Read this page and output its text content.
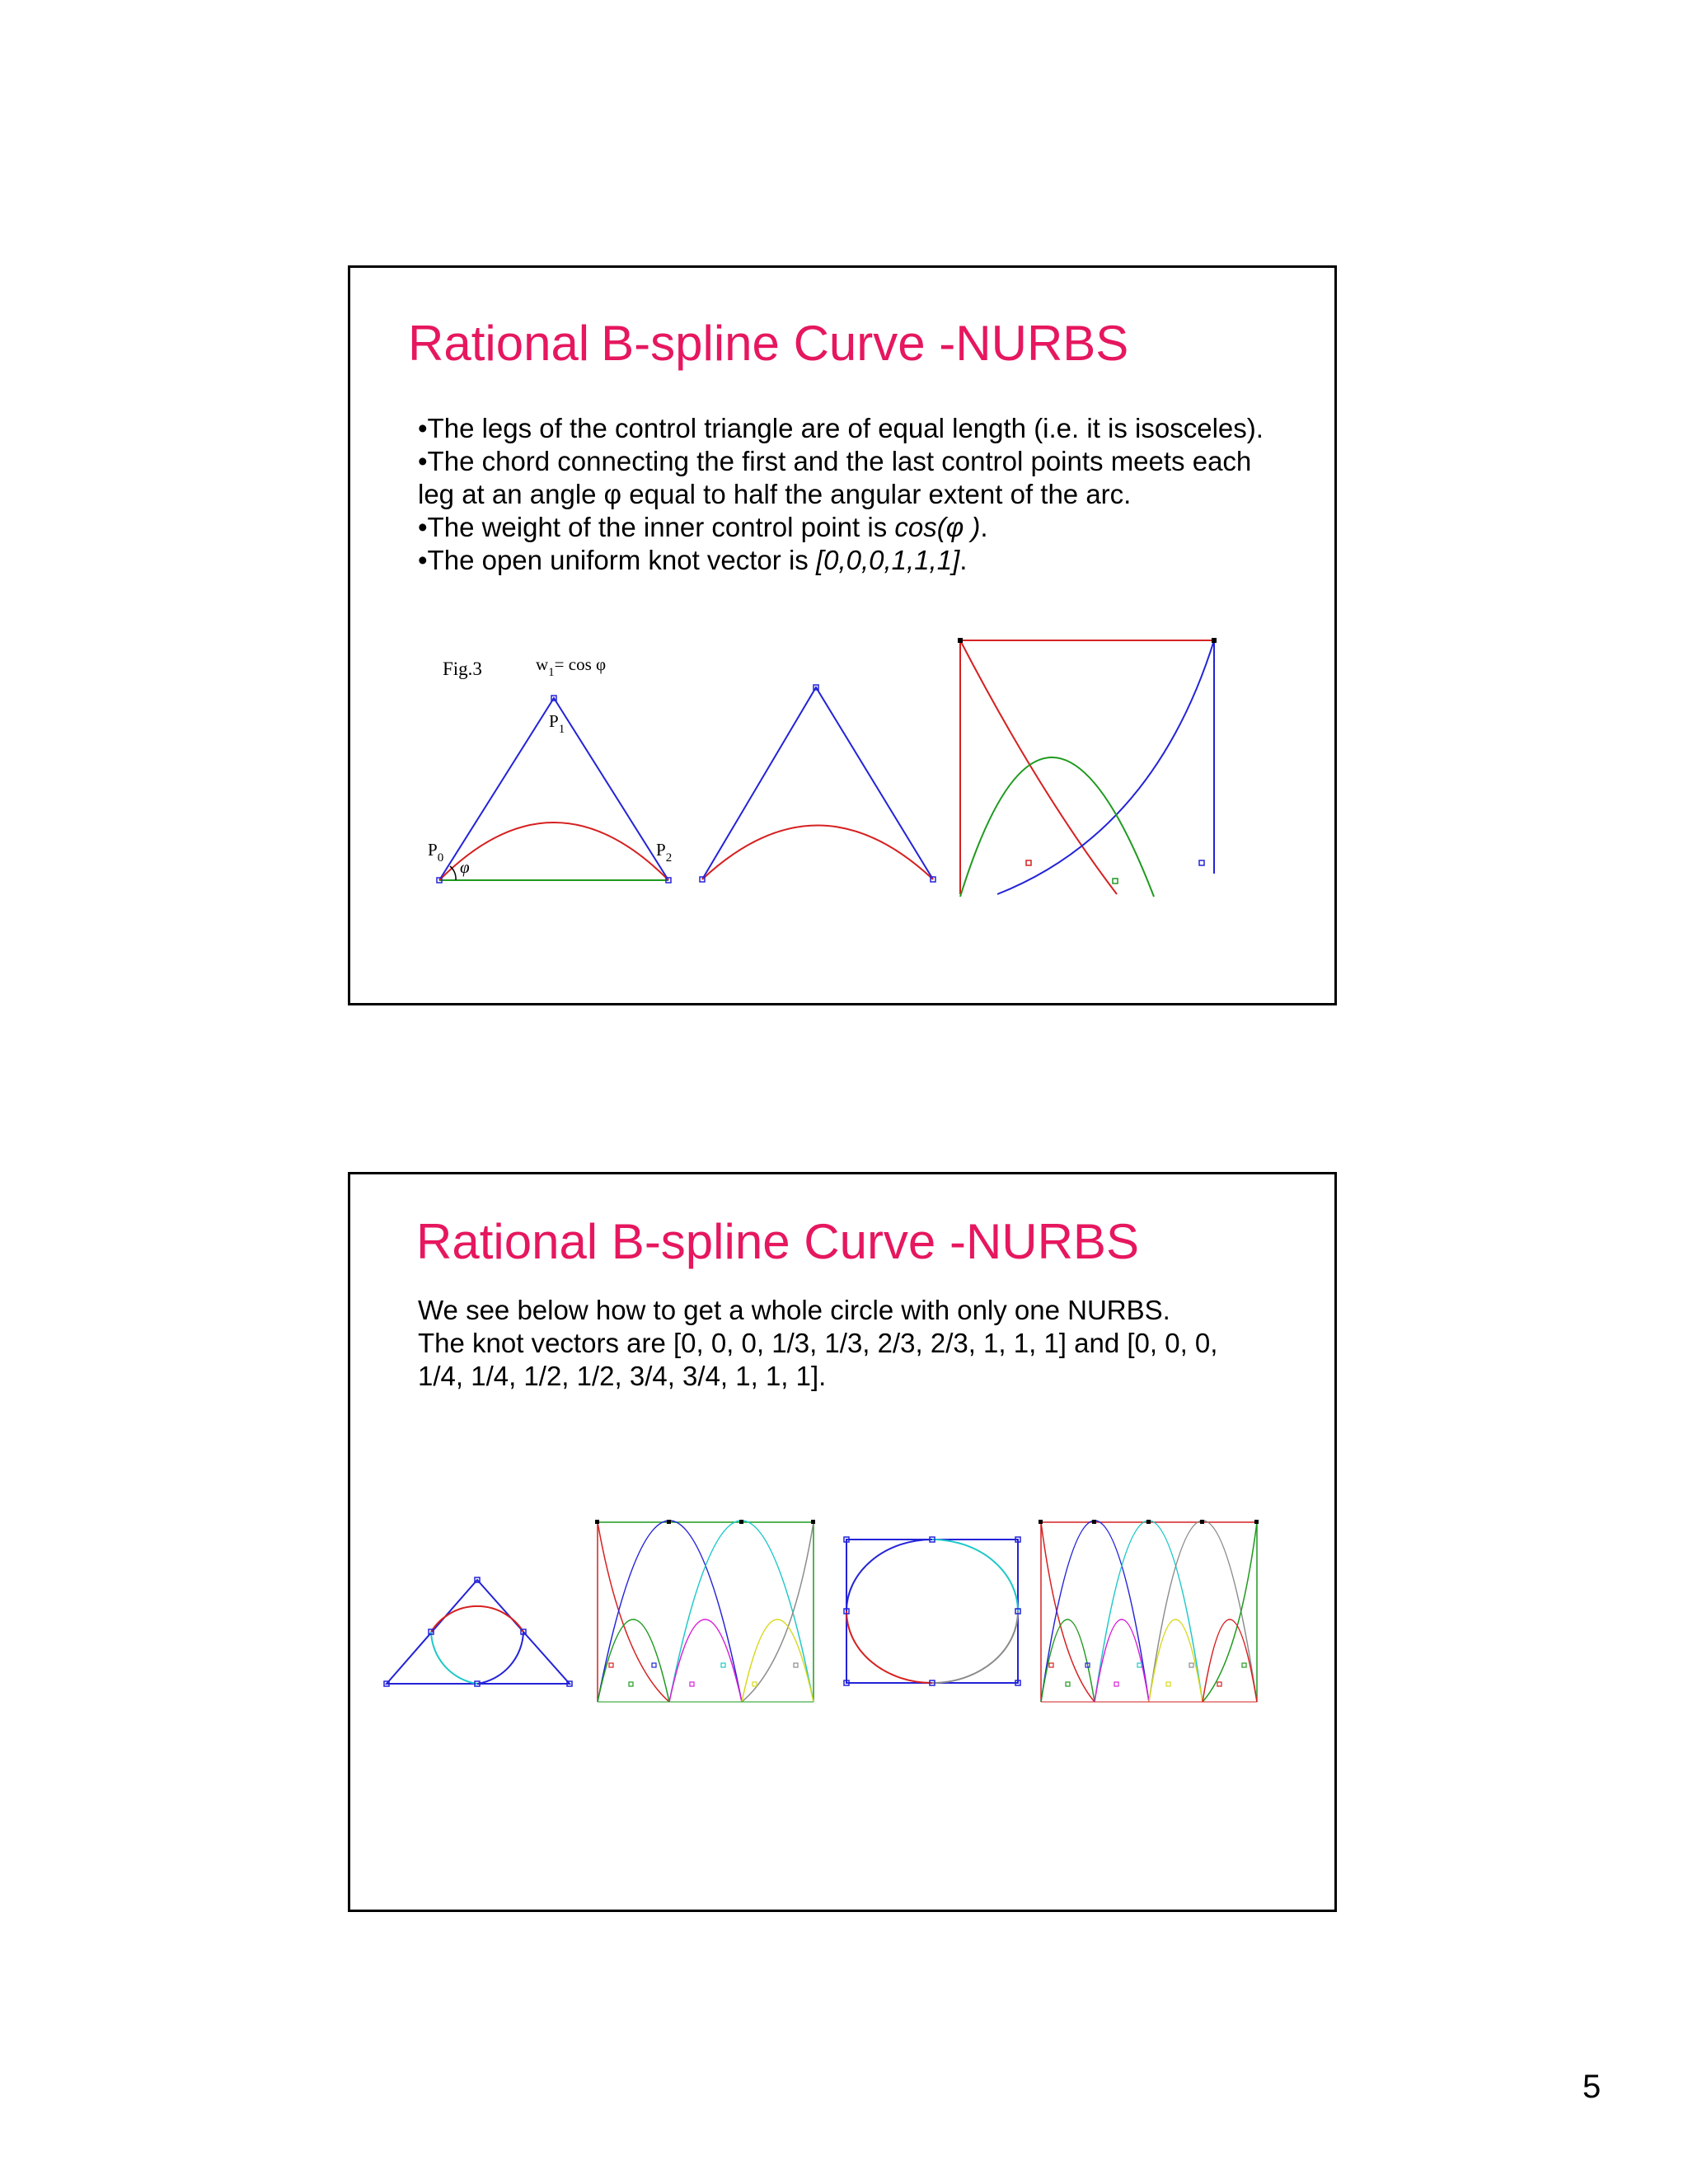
Rational B-spline Curve -NURBS

•The legs of the control triangle are of equal length (i.e. it is isosceles).

•The chord connecting the first and the last control points meets each

leg at an angle φ equal to half the angular extent of the arc.

•The weight of the inner control point is cos(φ ).

•The open uniform knot vector is [0,0,0,1,1,1].

Fig.3	$w_1= \cos \varphi$
$P_1$
$P_0$	$P_2$
φ
Rational B-spline Curve -NURBS

We see below how to get a whole circle with only one NURBS.

The knot vectors are [0, 0, 0, 1/3, 1/3, 2/3, 2/3, 1, 1, 1] and [0, 0, 0,

1/4, 1/4, 1/2, 1/2, 3/4, 3/4, 1, 1, 1].

5
